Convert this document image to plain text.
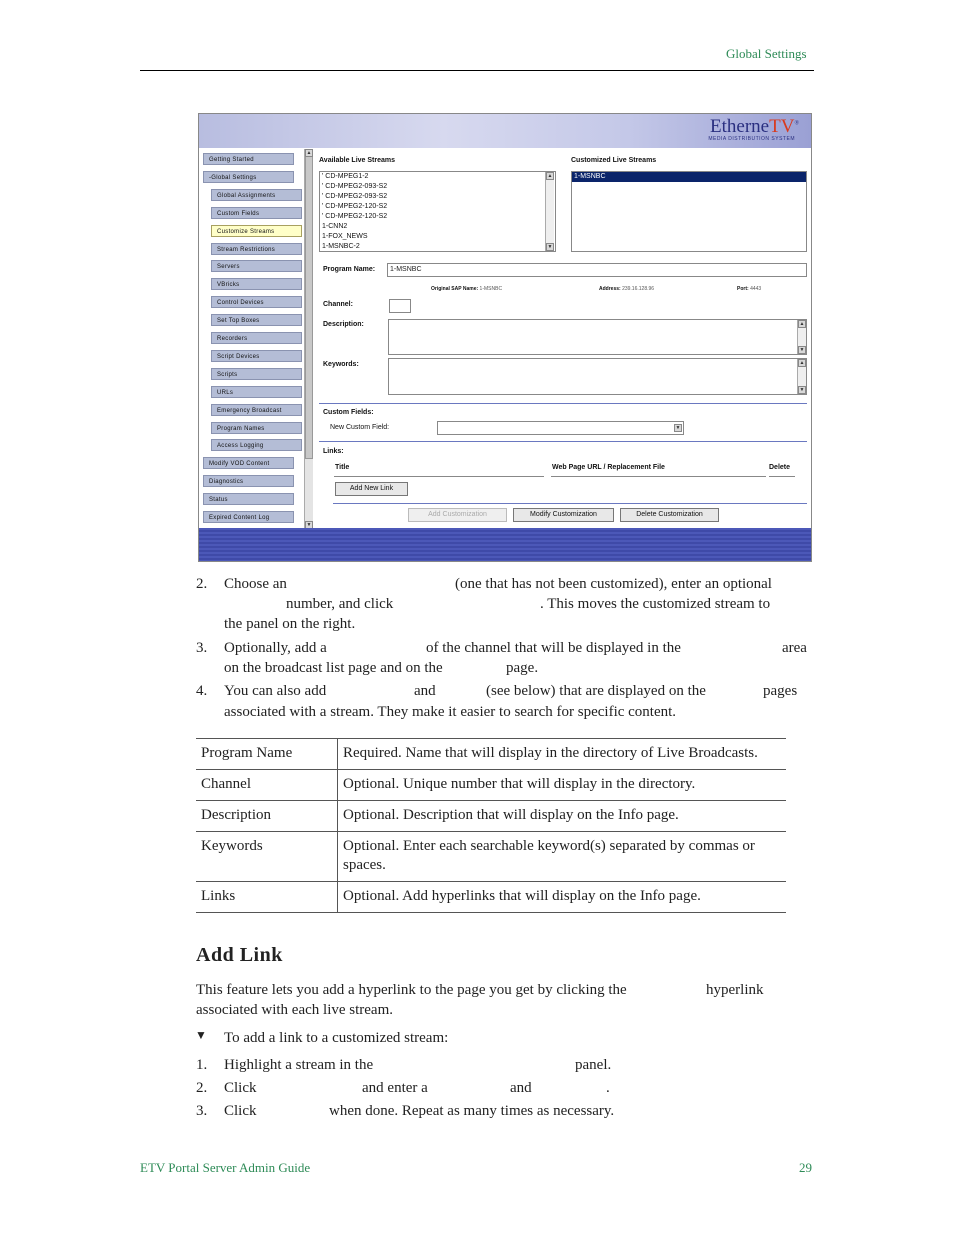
Global Settings
EtherneTV®
MEDIA DISTRIBUTION SYSTEM
Getting Started
-Global Settings
Global Assignments
Custom Fields
Customize Streams
Stream Restrictions
Servers
VBricks
Control Devices
Set Top Boxes
Recorders
Script Devices
Scripts
URLs
Emergency Broadcast
Program Names
Access Logging
Modify VOD Content
Diagnostics
Status
Expired Content Log
▲
▼
Available Live Streams	Customized Live Streams
' CD-MPEG1-2
' CD-MPEG2-093-S2
' CD-MPEG2-093-S2
' CD-MPEG2-120-S2
' CD-MPEG2-120-S2
1-CNN2
1-FOX_NEWS
1-MSNBC-2
▲
▼
1-MSNBC
Program Name:	1-MSNBC
Original SAP Name: 1-MSNBC	Address: 239.16.128.96	Port: 4443
Channel:
Description:	▲
▼
Keywords:	▲
▼
Custom Fields:
New Custom Field:	▼
Links:
Title	Web Page URL / Replacement File	Delete
Add New Link
Add Customization	Modify Customization	Delete Customization
2. Choose an	(one that has not been customized), enter an optional
number, and click	. This moves the customized stream to
the panel on the right.
3. Optionally, add a	of the channel that will be displayed in the	area
on the broadcast list page and on the	page.
4. You can also add	and	(see below) that are displayed on the	pages
associated with a stream. They make it easier to search for specific content.
Program Name	Required. Name that will display in the directory of Live Broadcasts.
Channel	Optional. Unique number that will display in the directory.
Description	Optional. Description that will display on the Info page.
Keywords	Optional. Enter each searchable keyword(s) separated by commas or spaces.
Links	Optional. Add hyperlinks that will display on the Info page.
Add Link
This feature lets you add a hyperlink to the page you get by clicking the	hyperlink
associated with each live stream.
▼ To add a link to a customized stream:
1. Highlight a stream in the	panel.
2. Click	and enter a	and	.
3. Click	when done. Repeat as many times as necessary.
ETV Portal Server Admin Guide	29
